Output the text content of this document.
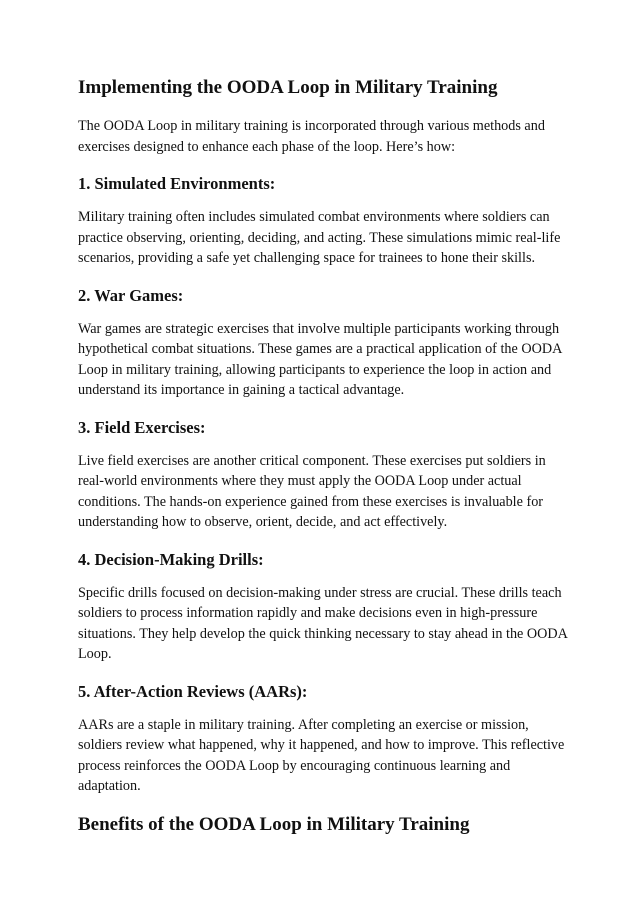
Implementing the OODA Loop in Military Training

The OODA Loop in military training is incorporated through various methods and exercises designed to enhance each phase of the loop. Here’s how:

1. Simulated Environments:

Military training often includes simulated combat environments where soldiers can practice observing, orienting, deciding, and acting. These simulations mimic real-life scenarios, providing a safe yet challenging space for trainees to hone their skills.

2. War Games:

War games are strategic exercises that involve multiple participants working through hypothetical combat situations. These games are a practical application of the OODA Loop in military training, allowing participants to experience the loop in action and understand its importance in gaining a tactical advantage.

3. Field Exercises:

Live field exercises are another critical component. These exercises put soldiers in real-world environments where they must apply the OODA Loop under actual conditions. The hands-on experience gained from these exercises is invaluable for understanding how to observe, orient, decide, and act effectively.

4. Decision-Making Drills:

Specific drills focused on decision-making under stress are crucial. These drills teach soldiers to process information rapidly and make decisions even in high-pressure situations. They help develop the quick thinking necessary to stay ahead in the OODA Loop.

5. After-Action Reviews (AARs):

AARs are a staple in military training. After completing an exercise or mission, soldiers review what happened, why it happened, and how to improve. This reflective process reinforces the OODA Loop by encouraging continuous learning and adaptation.

Benefits of the OODA Loop in Military Training
